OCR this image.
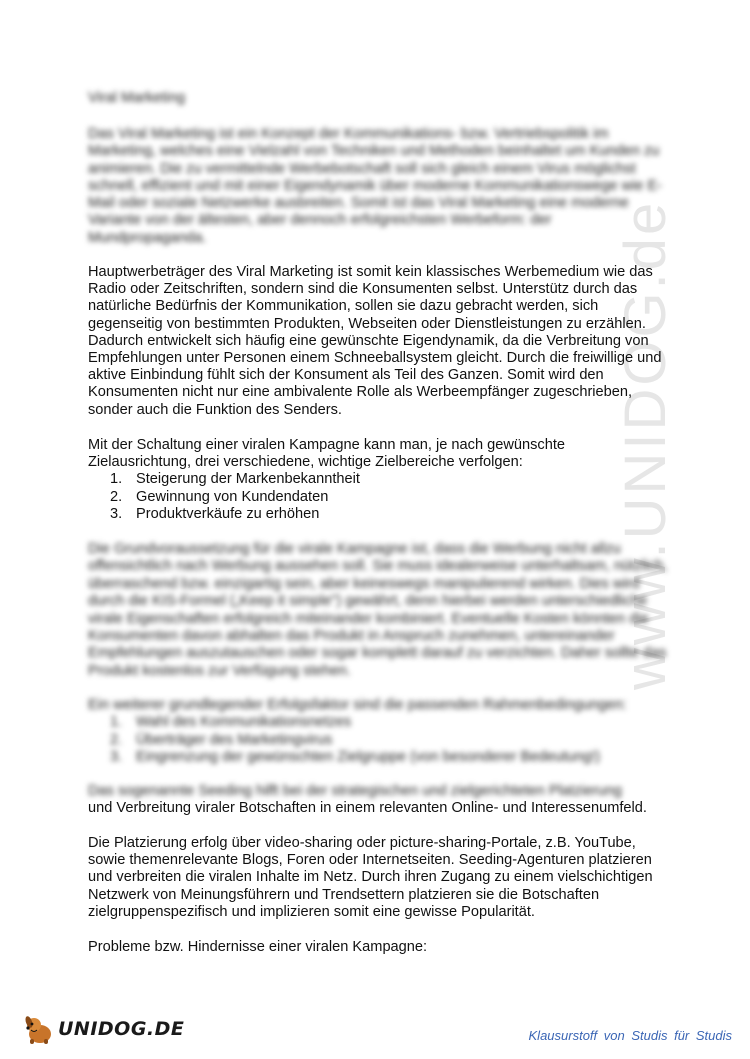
www.UNIDOG.de

Viral Marketing

Das Viral Marketing ist ein Konzept der Kommunikations- bzw. Vertriebspolitik im Marketing, welches eine Vielzahl von Techniken und Methoden beinhaltet um Kunden zu animieren. Die zu vermittelnde Werbebotschaft soll sich gleich einem Virus möglichst schnell, effizient und mit einer Eigendynamik über moderne Kommunikationswege wie E-Mail oder soziale Netzwerke ausbreiten. Somit ist das Viral Marketing eine moderne Variante von der ältesten, aber dennoch erfolgreichsten Werbeform: der Mundpropaganda.

Hauptwerbeträger des Viral Marketing ist somit kein klassisches Werbemedium wie das Radio oder Zeitschriften, sondern sind die Konsumenten selbst. Unterstütz durch das natürliche Bedürfnis der Kommunikation, sollen sie dazu gebracht werden, sich gegenseitig von bestimmten Produkten, Webseiten oder Dienstleistungen zu erzählen. Dadurch entwickelt sich häufig eine gewünschte Eigendynamik, da die Verbreitung von Empfehlungen unter Personen einem Schneeballsystem gleicht. Durch die freiwillige und aktive Einbindung fühlt sich der Konsument als Teil des Ganzen. Somit wird den Konsumenten nicht nur eine ambivalente Rolle als Werbeempfänger zugeschrieben, sonder auch die Funktion des Senders.

Mit der Schaltung einer viralen Kampagne kann man, je nach gewünschte Zielausrichtung, drei verschiedene, wichtige Zielbereiche verfolgen:

1. Steigerung der Markenbekanntheit
2. Gewinnung von Kundendaten
3. Produktverkäufe zu erhöhen

Die Grundvoraussetzung für die virale Kampagne ist, dass die Werbung nicht allzu offensichtlich nach Werbung aussehen soll. Sie muss idealerweise unterhaltsam, nützlich, überraschend bzw. einzigartig sein, aber keineswegs manipulierend wirken. Dies wird durch die KIS-Formel („Keep it simple") gewährt, denn hierbei werden unterschiedliche virale Eigenschaften erfolgreich miteinander kombiniert. Eventuelle Kosten könnten die Konsumenten davon abhalten das Produkt in Anspruch zunehmen, untereinander Empfehlungen auszutauschen oder sogar komplett darauf zu verzichten. Daher sollte das Produkt kostenlos zur Verfügung stehen.

Ein weiterer grundlegender Erfolgsfaktor sind die passenden Rahmenbedingungen:

1. Wahl des Kommunikationsnetzes
2. Überträger des Marketingvirus
3. Eingrenzung der gewünschten Zielgruppe (von besonderer Bedeutung!)

Das sogenannte Seeding hilft bei der strategischen und zielgerichteten Platzierung

und Verbreitung viraler Botschaften in einem relevanten Online- und Interessenumfeld.

Die Platzierung erfolg über video-sharing oder picture-sharing-Portale, z.B. YouTube, sowie themenrelevante Blogs, Foren oder Internetseiten. Seeding-Agenturen platzieren und verbreiten die viralen Inhalte im Netz. Durch ihren Zugang zu einem vielschichtigen Netzwerk von Meinungsführern und Trendsettern platzieren sie die Botschaften zielgruppenspezifisch und implizieren somit eine gewisse Popularität.

Probleme bzw. Hindernisse einer viralen Kampagne:

UNIDOG.DE	Klausurstoff von Studis für Studis
